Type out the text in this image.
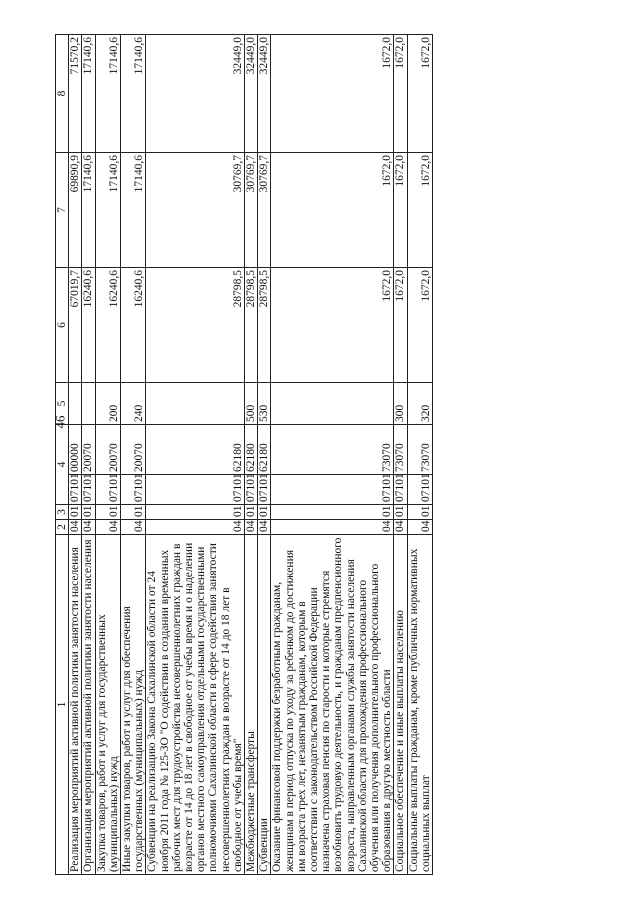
46
1	2	3	4		5	6	7	8
Реализация мероприятий активной политики занятости населения	04	01	07101	00000		67019,7	69890,9	71570,2
Организация мероприятий активной политики занятости населения	04	01	07101	20070		16240,6	17140,6	17140,6
Закупка товаров, работ и услуг для государственных (муниципальных) нужд	04	01	07101	20070	200	16240,6	17140,6	17140,6
Иные закупки товаров, работ и услуг для обеспечения государственных (муниципальных) нужд	04	01	07101	20070	240	16240,6	17140,6	17140,6
Субвенции на реализацию Закона Сахалинской области от 24 ноября 2011 года № 125-ЗО "О содействии в создании временных рабочих мест для трудоустройства несовершеннолетних граждан в возрасте от 14 до 18 лет в свободное от учебы время и о наделении органов местного самоуправления отдельными государственными полномочиями Сахалинской области в сфере содействия занятости несовершеннолетних граждан в возрасте от 14 до 18 лет в свободное от учебы время"	04	01	07101	62180		28798,5	30769,7	32449,0
Межбюджетные трансферты	04	01	07101	62180	500	28798,5	30769,7	32449,0
Субвенции	04	01	07101	62180	530	28798,5	30769,7	32449,0
Оказание финансовой поддержки безработным гражданам, женщинам в период отпуска по уходу за ребенком до достижения им возраста трех лет, незанятым гражданам, которым в соответствии с законодательством Российской Федерации назначена страховая пенсия по старости и которые стремятся возобновить трудовую деятельность, и гражданам предпенсионного возраста, направленным органами службы занятости населения Сахалинской области для прохождения профессионального обучения или получения дополнительного профессионального образования в другую местность области	04	01	07101	73070		1672,0	1672,0	1672,0
Социальное обеспечение и иные выплаты населению	04	01	07101	73070	300	1672,0	1672,0	1672,0
Социальные выплаты гражданам, кроме публичных нормативных социальных выплат	04	01	07101	73070	320	1672,0	1672,0	1672,0
